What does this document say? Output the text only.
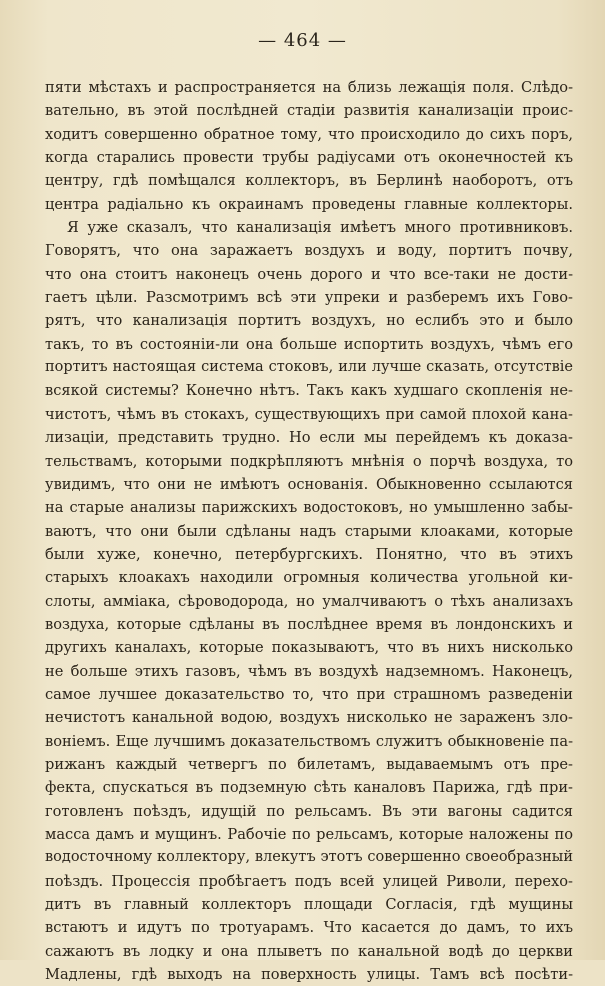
— 464 —
пяти мѣстахъ и распространяется на близь лежащія поля. Слѣдо-
вательно, въ этой послѣдней стадіи развитія канализаціи проис-
ходитъ совершенно обратное тому, что происходило до сихъ поръ,
когда старались провести трубы радіусами отъ оконечностей къ
центру, гдѣ помѣщался коллекторъ, въ Берлинѣ наоборотъ, отъ
центра радіально къ окраинамъ проведены главные коллекторы.
Я уже сказалъ, что канализація имѣетъ много противниковъ.
Говорятъ, что она заражаетъ воздухъ и воду, портитъ почву,
что она стоитъ наконецъ очень дорого и что все-таки не дости-
гаетъ цѣли. Разсмотримъ всѣ эти упреки и разберемъ ихъ Гово-
рятъ, что канализація портитъ воздухъ, но еслибъ это и было
такъ, то въ состояніи-ли она больше испортить воздухъ, чѣмъ его
портитъ настоящая система стоковъ, или лучше сказать, отсутствіе
всякой системы? Конечно нѣтъ. Такъ какъ худшаго скопленія не-
чистотъ, чѣмъ въ стокахъ, существующихъ при самой плохой кана-
лизаціи, представить трудно. Но если мы перейдемъ къ доказа-
тельствамъ, которыми подкрѣпляютъ мнѣнія о порчѣ воздуха, то
увидимъ, что они не имѣютъ основанія. Обыкновенно ссылаются
на старые анализы парижскихъ водостоковъ, но умышленно забы-
ваютъ, что они были сдѣланы надъ старыми клоаками, которые
были хуже, конечно, петербургскихъ. Понятно, что въ этихъ
старыхъ клоакахъ находили огромныя количества угольной ки-
слоты, амміака, сѣроводорода, но умалчиваютъ о тѣхъ анализахъ
воздуха, которые сдѣланы въ послѣднее время въ лондонскихъ и
другихъ каналахъ, которые показываютъ, что въ нихъ нисколько
не больше этихъ газовъ, чѣмъ въ воздухѣ надземномъ. Наконецъ,
самое лучшее доказательство то, что при страшномъ разведеніи
нечистотъ канальной водою, воздухъ нисколько не зараженъ зло-
воніемъ. Еще лучшимъ доказательствомъ служитъ обыкновеніе па-
рижанъ каждый четвергъ по билетамъ, выдаваемымъ отъ пре-
фекта, спускаться въ подземную сѣть каналовъ Парижа, гдѣ при-
готовленъ поѣздъ, идущій по рельсамъ. Въ эти вагоны садится
масса дамъ и мущинъ. Рабочіе по рельсамъ, которые наложены по
водосточному коллектору, влекутъ этотъ совершенно своеобразный
поѣздъ. Процессія пробѣгаетъ подъ всей улицей Риволи, перехо-
дитъ въ главный коллекторъ площади Согласія, гдѣ мущины
встаютъ и идутъ по тротуарамъ. Что касается до дамъ, то ихъ
сажаютъ въ лодку и она плыветъ по канальной водѣ до церкви
Мадлены, гдѣ выходъ на поверхность улицы. Тамъ всѣ посѣти-
